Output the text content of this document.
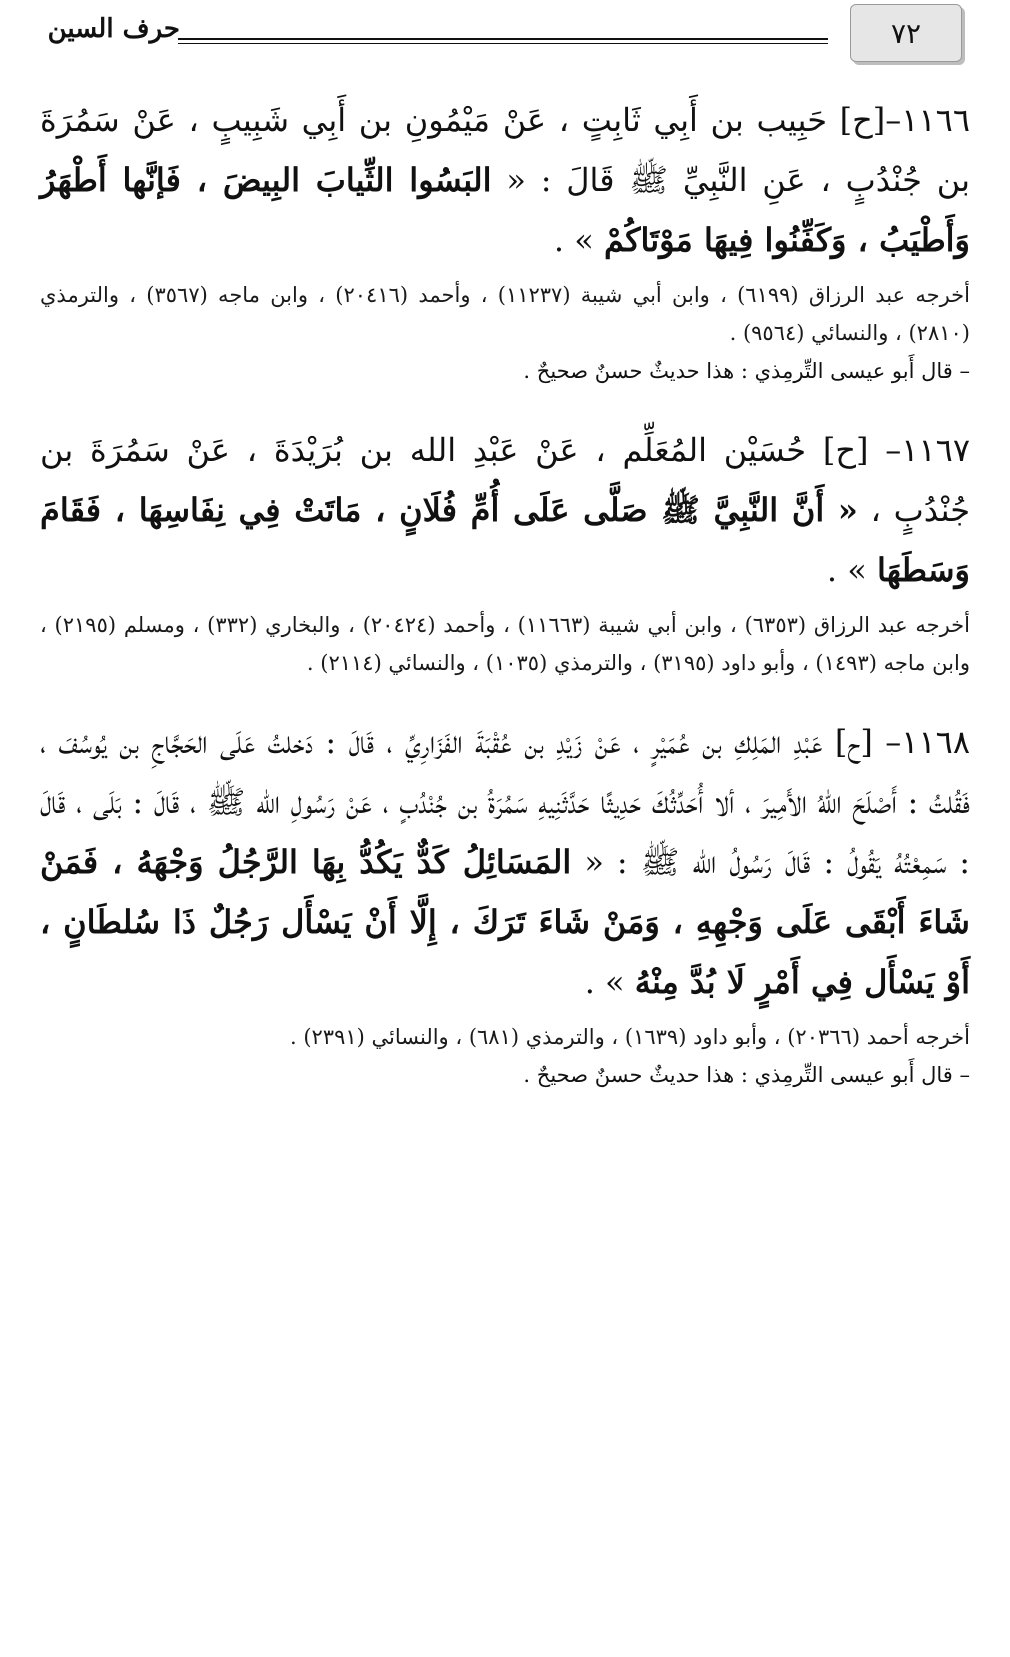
٧٢
حرف السين

١١٦٦–[ح] حَبِيب بن أَبِي ثَابِتٍ ، عَنْ مَيْمُونِ بن أَبِي شَبِيبٍ ، عَنْ سَمُرَةَ بن جُنْدُبٍ ، عَنِ النَّبِيِّ ﷺ قَالَ : « البَسُوا الثِّيابَ البِيضَ ، فَإنَّها أَطْهَرُ وَأَطْيَبُ ، وَكَفِّنُوا فِيهَا مَوْتَاكُمْ » .

أخرجه عبد الرزاق (٦١٩٩) ، وابن أبي شيبة (١١٢٣٧) ، وأحمد (٢٠٤١٦) ، وابن ماجه (٣٥٦٧) ، والترمذي (٢٨١٠) ، والنسائي (٩٥٦٤) .

– قال أَبو عيسى التِّرمِذي : هذا حديثٌ حسنٌ صحيحٌ .

١١٦٧– [ح] حُسَيْن المُعَلِّم ، عَنْ عَبْدِ الله بن بُرَيْدَةَ ، عَنْ سَمُرَةَ بن جُنْدُبٍ ، « أَنَّ النَّبِيَّ ﷺ صَلَّى عَلَى أُمِّ فُلَانٍ ، مَاتَتْ فِي نِفَاسِهَا ، فَقَامَ وَسَطَهَا » .

أخرجه عبد الرزاق (٦٣٥٣) ، وابن أبي شيبة (١١٦٦٣) ، وأحمد (٢٠٤٢٤) ، والبخاري (٣٣٢) ، ومسلم (٢١٩٥) ، وابن ماجه (١٤٩٣) ، وأبو داود (٣١٩٥) ، والترمذي (١٠٣٥) ، والنسائي (٢١١٤) .

١١٦٨– [ح] عَبْدِ المَلِكِ بن عُمَيْرٍ ، عَنْ زَيْدِ بن عُقْبَةَ الفَزَارِيِّ ، قَالَ : دَخلتُ عَلَى الحَجَّاجِ بن يُوسُفَ ، فَقُلتُ : أَصْلَحَ اللهُ الأَمِيرَ ، ألا أُحَدِّثُكَ حَدِيثًا حَدَّثَنِيهِ سَمُرَةُ بن جُنْدُبٍ ، عَنْ رَسُولِ الله ﷺ ، قَالَ : بَلَى ، قَالَ : سَمِعْتُهُ يَقُولُ : قَالَ رَسُولُ الله ﷺ : « المَسَائِلُ كَدٌّ يَكُدُّ بِهَا الرَّجُلُ وَجْهَهُ ، فَمَنْ شَاءَ أَبْقَى عَلَى وَجْهِهِ ، وَمَنْ شَاءَ تَرَكَ ، إِلَّا أَنْ يَسْأَل رَجُلٌ ذَا سُلطَانٍ ، أَوْ يَسْأَل فِي أَمْرٍ لَا بُدَّ مِنْهُ » .

أخرجه أحمد (٢٠٣٦٦) ، وأبو داود (١٦٣٩) ، والترمذي (٦٨١) ، والنسائي (٢٣٩١) .

– قال أَبو عيسى التِّرمِذي : هذا حديثٌ حسنٌ صحيحٌ .
